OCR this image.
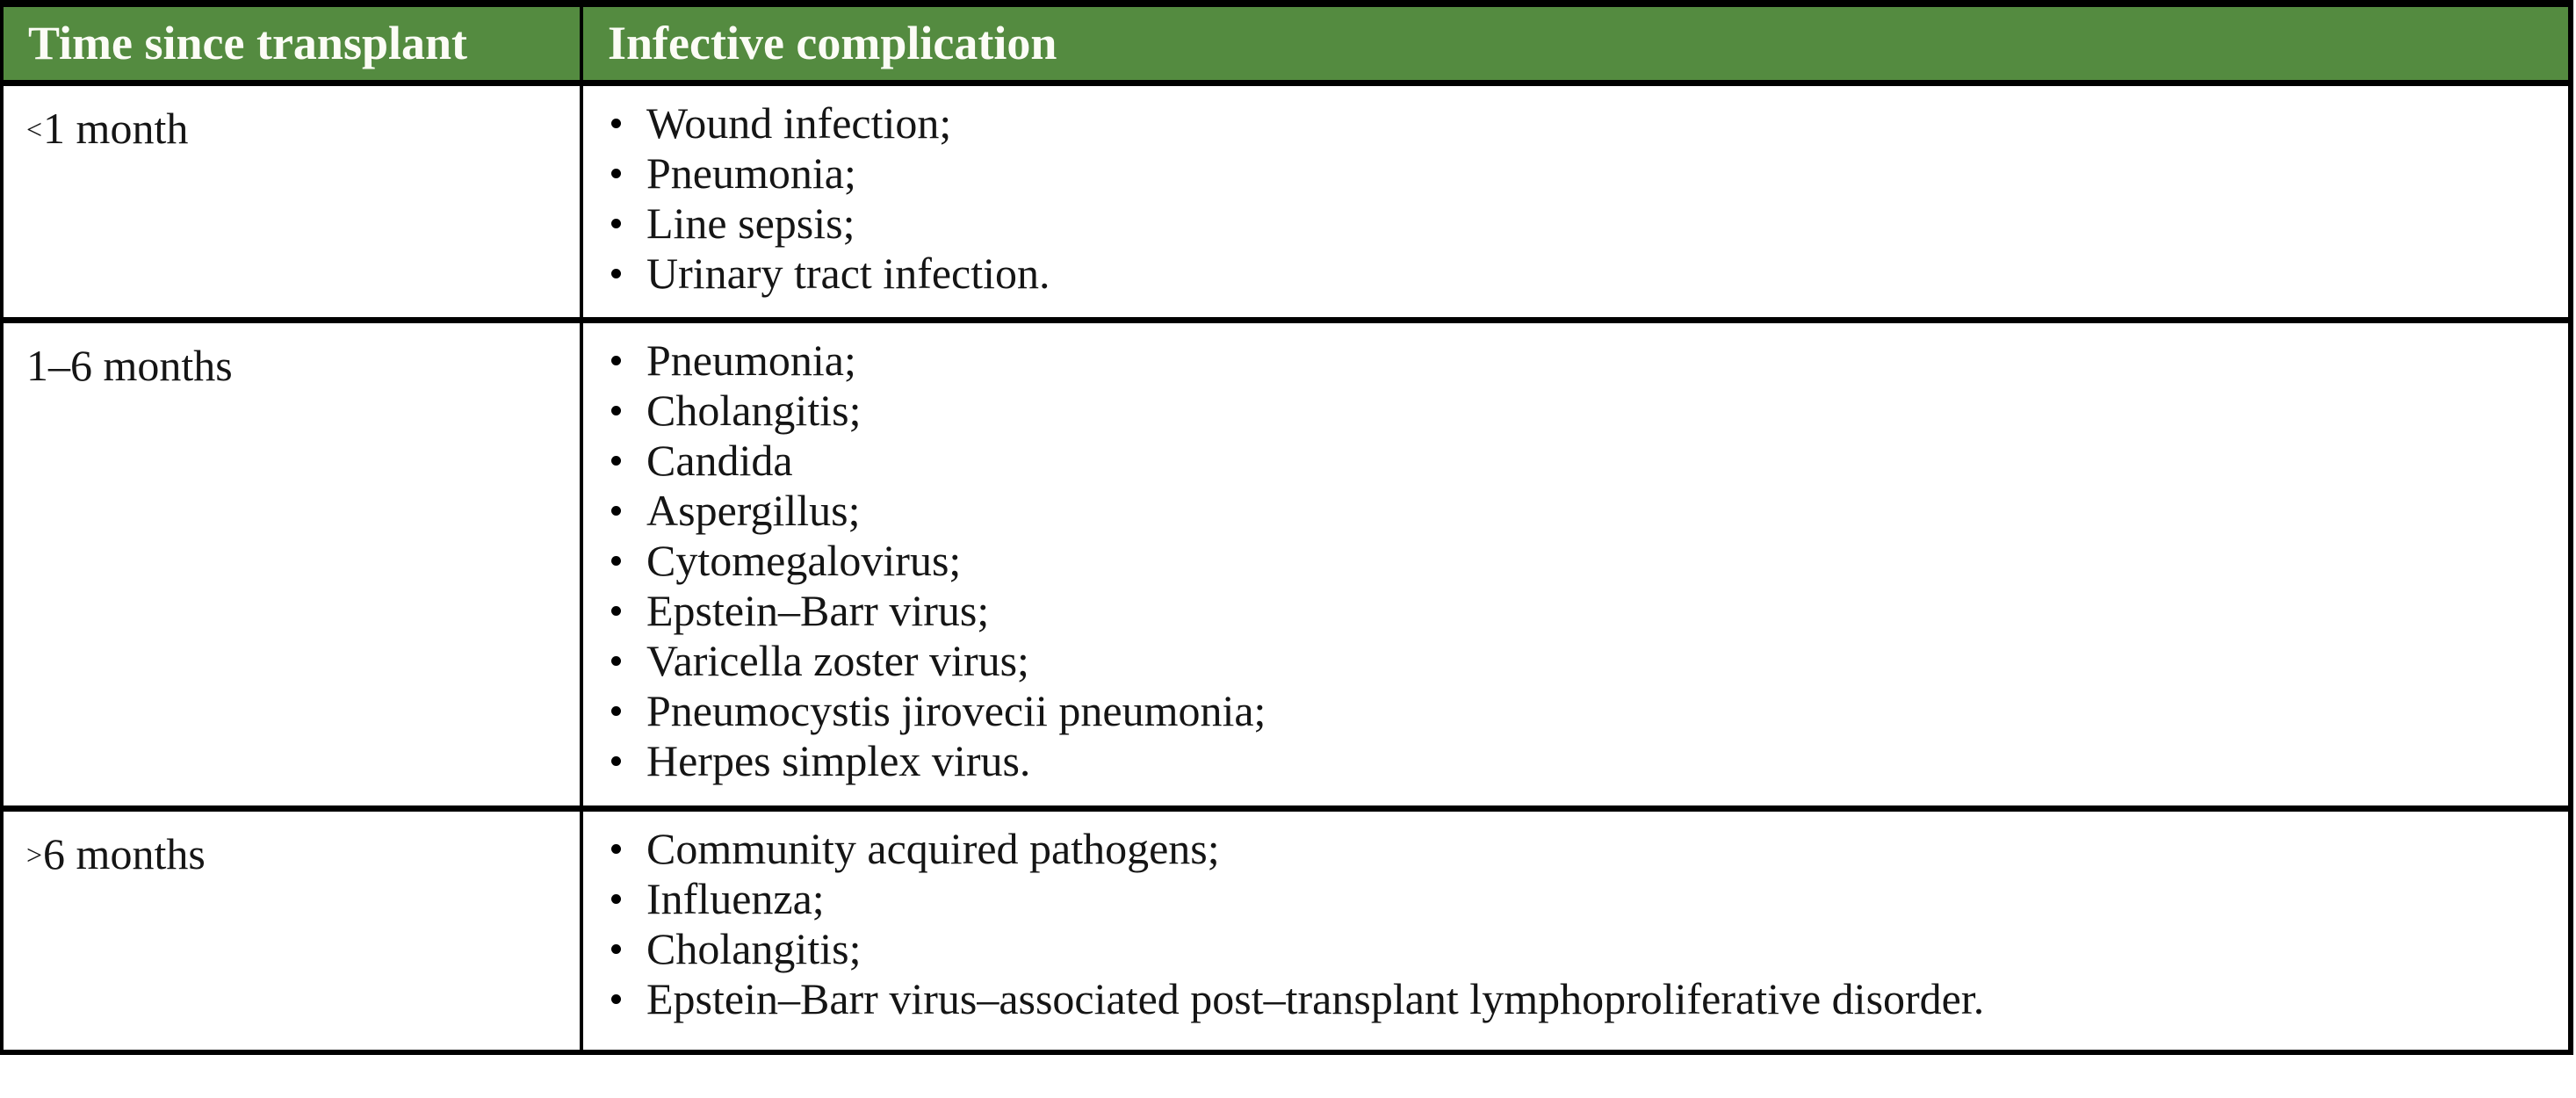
Time since transplant	Infective complication
<1 month	Wound infection;
Pneumonia;
Line sepsis;
Urinary tract infection.

1–6 months	Pneumonia;
Cholangitis;
Candida
Aspergillus;
Cytomegalovirus;
Epstein–Barr virus;
Varicella zoster virus;
Pneumocystis jirovecii pneumonia;
Herpes simplex virus.

>6 months	Community acquired pathogens;
Influenza;
Cholangitis;
Epstein–Barr virus–associated post–transplant lymphoproliferative disorder.
